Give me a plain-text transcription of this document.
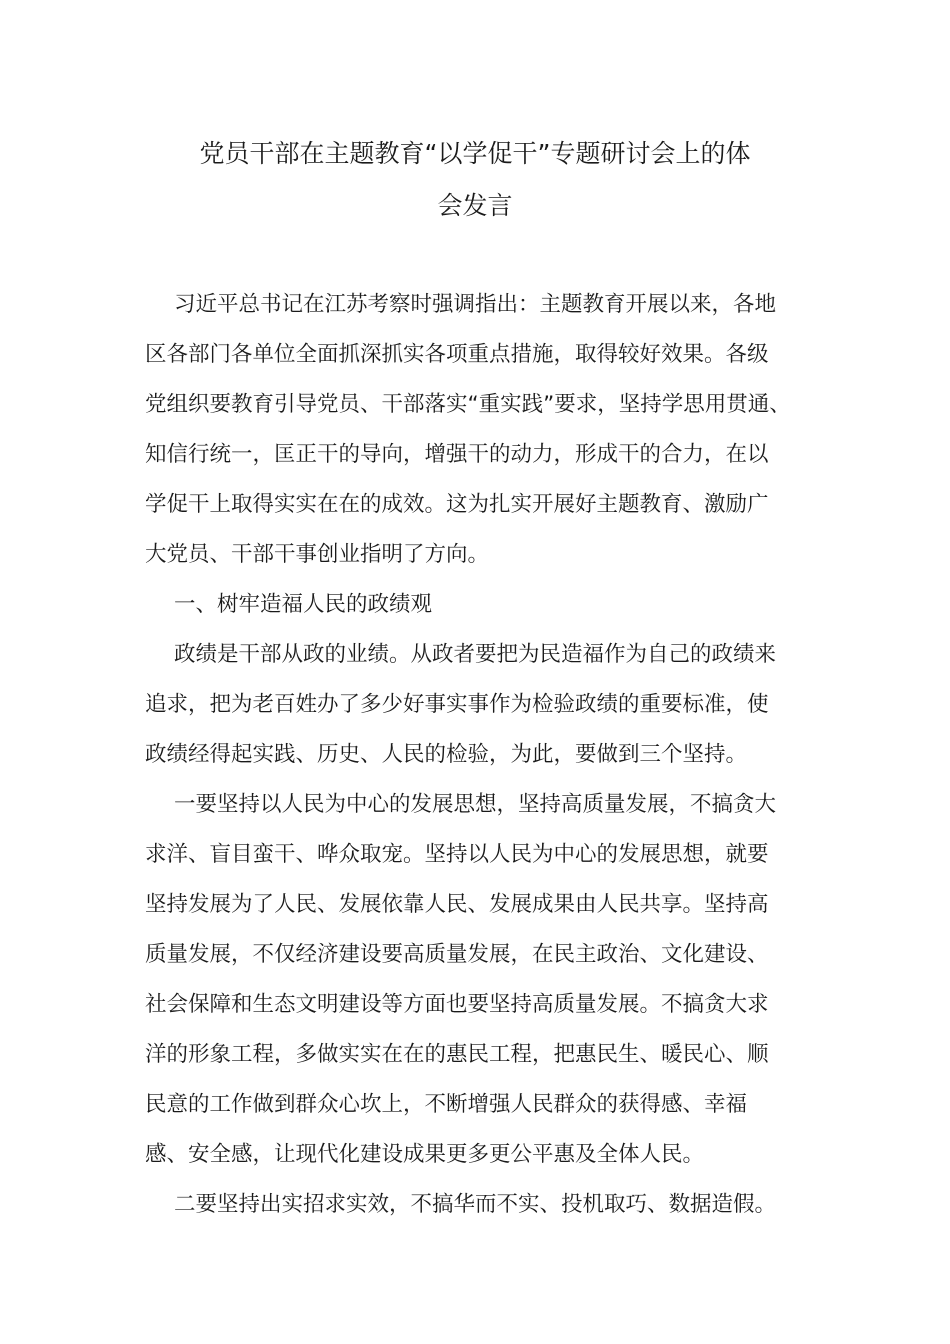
党员干部在主题教育“以学促干”专题研讨会上的体
会发言

习近平总书记在江苏考察时强调指出：主题教育开展以来，各地
区各部门各单位全面抓深抓实各项重点措施，取得较好效果。各级
党组织要教育引导党员、干部落实“重实践”要求，坚持学思用贯通、
知信行统一，匡正干的导向，增强干的动力，形成干的合力，在以
学促干上取得实实在在的成效。这为扎实开展好主题教育、激励广
大党员、干部干事创业指明了方向。

一、树牢造福人民的政绩观

政绩是干部从政的业绩。从政者要把为民造福作为自己的政绩来
追求，把为老百姓办了多少好事实事作为检验政绩的重要标准，使
政绩经得起实践、历史、人民的检验，为此，要做到三个坚持。

一要坚持以人民为中心的发展思想，坚持高质量发展，不搞贪大
求洋、盲目蛮干、哗众取宠。坚持以人民为中心的发展思想，就要
坚持发展为了人民、发展依靠人民、发展成果由人民共享。坚持高
质量发展，不仅经济建设要高质量发展，在民主政治、文化建设、
社会保障和生态文明建设等方面也要坚持高质量发展。不搞贪大求
洋的形象工程，多做实实在在的惠民工程，把惠民生、暖民心、顺
民意的工作做到群众心坎上，不断增强人民群众的获得感、幸福
感、安全感，让现代化建设成果更多更公平惠及全体人民。

二要坚持出实招求实效，不搞华而不实、投机取巧、数据造假。
